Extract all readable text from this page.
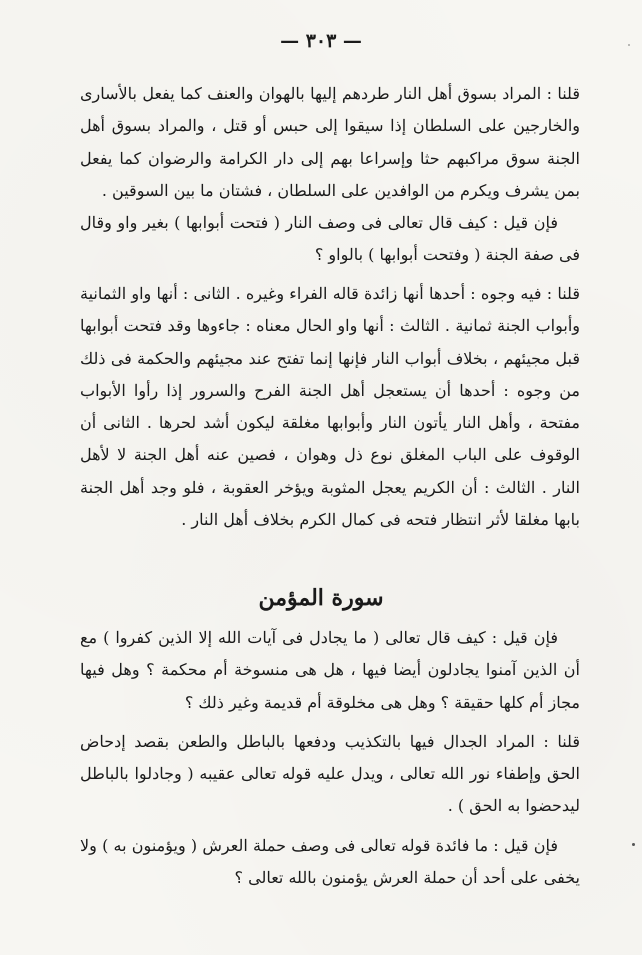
— ٣٠٣ —

قلنا : المراد بسوق أهل النار طردهم إليها بالهوان والعنف كما يفعل بالأسارى والخارجين على السلطان إذا سيقوا إلى حبس أو قتل ، والمراد بسوق أهل الجنة سوق مراكبهم حثا وإسراعا بهم إلى دار الكرامة والرضوان كما يفعل بمن يشرف ويكرم من الوافدين على السلطان ، فشتان ما بين السوقين .

فإن قيل : كيف قال تعالى فى وصف النار ( فتحت أبوابها ) بغير واو وقال فى صفة الجنة ( وفتحت أبوابها ) بالواو ؟

قلنا : فيه وجوه : أحدها أنها زائدة قاله الفراء وغيره . الثانى : أنها واو الثمانية وأبواب الجنة ثمانية . الثالث : أنها واو الحال معناه : جاءوها وقد فتحت أبوابها قبل مجيئهم ، بخلاف أبواب النار فإنها إنما تفتح عند مجيئهم والحكمة فى ذلك من وجوه : أحدها أن يستعجل أهل الجنة الفرح والسرور إذا رأوا الأبواب مفتحة ، وأهل النار يأتون النار وأبوابها مغلقة ليكون أشد لحرها . الثانى أن الوقوف على الباب المغلق نوع ذل وهوان ، فصين عنه أهل الجنة لا لأهل النار . الثالث : أن الكريم يعجل المثوبة ويؤخر العقوبة ، فلو وجد أهل الجنة بابها مغلقا لأثر انتظار فتحه فى كمال الكرم بخلاف أهل النار .

سورة المؤمن

فإن قيل : كيف قال تعالى ( ما يجادل فى آيات الله إلا الذين كفروا ) مع أن الذين آمنوا يجادلون أيضا فيها ، هل هى منسوخة أم محكمة ؟ وهل فيها مجاز أم كلها حقيقة ؟ وهل هى مخلوقة أم قديمة وغير ذلك ؟

قلنا : المراد الجدال فيها بالتكذيب ودفعها بالباطل والطعن بقصد إدحاض الحق وإطفاء نور الله تعالى ، ويدل عليه قوله تعالى عقيبه ( وجادلوا بالباطل ليدحضوا به الحق ) .

فإن قيل : ما فائدة قوله تعالى فى وصف حملة العرش ( ويؤمنون به ) ولا يخفى على أحد أن حملة العرش يؤمنون بالله تعالى ؟
